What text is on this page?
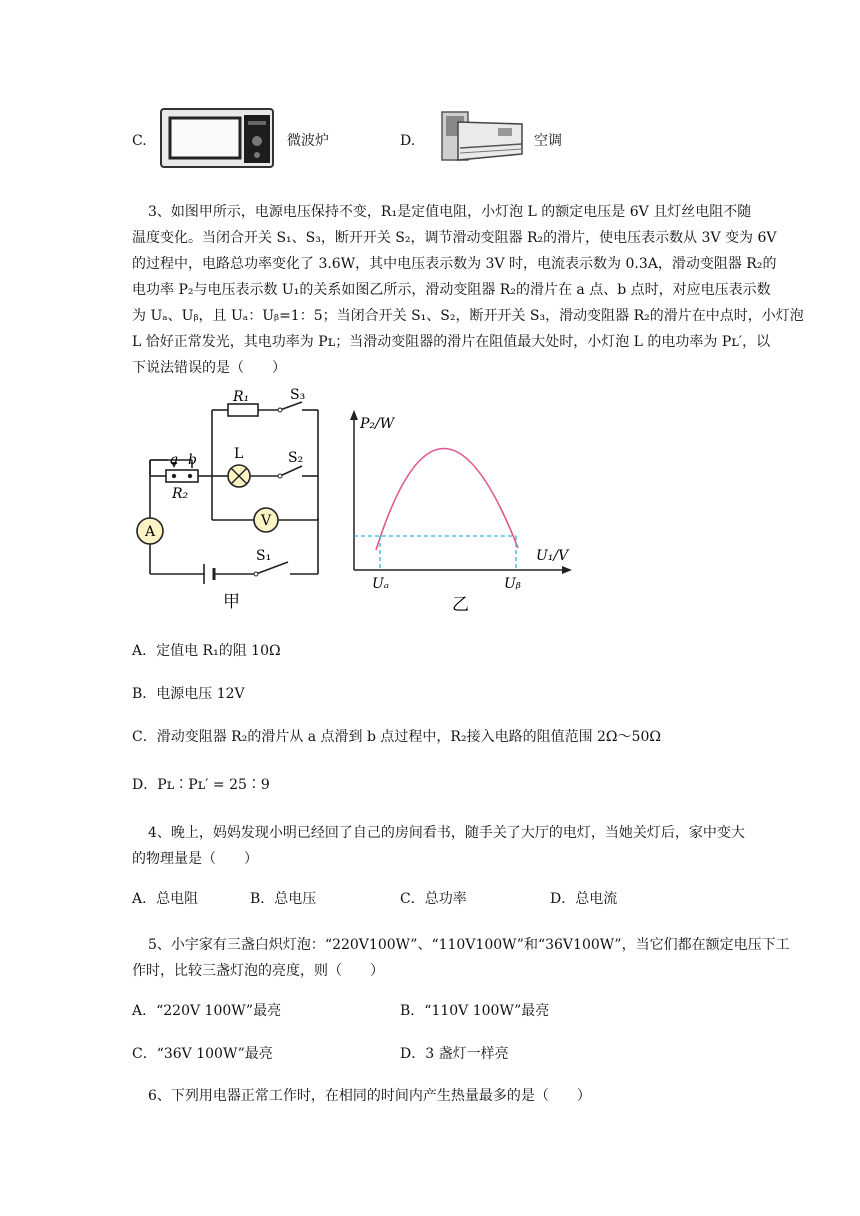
C.	微波炉	D.	空调
3、如图甲所示，电源电压保持不变，R₁是定值电阻，小灯泡 L 的额定电压是 6V 且灯丝电阻不随
温度变化。当闭合开关 S₁、S₃，断开开关 S₂，调节滑动变阻器 R₂的滑片，使电压表示数从 3V 变为 6V
的过程中，电路总功率变化了 3.6W，其中电压表示数为 3V 时，电流表示数为 0.3A，滑动变阻器 R₂的
电功率 P₂与电压表示数 U₁的关系如图乙所示，滑动变阻器 R₂的滑片在 a 点、b 点时，对应电压表示数
为 Uₐ、Uᵦ，且 Uₐ：Uᵦ=1：5；当闭合开关 S₁、S₂，断开开关 S₃，滑动变阻器 R₂的滑片在中点时，小灯泡
L 恰好正常发光，其电功率为 Pʟ；当滑动变阻器的滑片在阻值最大处时，小灯泡 L 的电功率为 Pʟ′，以
下说法错误的是（　　）
R₁	S₃
L	S₂
a b
R₂
A
V
S₁
甲
P₂/W
U₁/V
Uₐ	Uᵦ
乙
A．定值电 R₁的阻 10Ω
B．电源电压 12V
C．滑动变阻器 R₂的滑片从 a 点滑到 b 点过程中，R₂接入电路的阻值范围 2Ω～50Ω
D．Pʟ∶Pʟ′ = 25∶9
4、晚上，妈妈发现小明已经回了自己的房间看书，随手关了大厅的电灯，当她关灯后，家中变大
的物理量是（　　）
A．总电阻	B．总电压	C．总功率	D．总电流
5、小宇家有三盏白炽灯泡：“220V100W”、“110V100W”和“36V100W”，当它们都在额定电压下工
作时，比较三盏灯泡的亮度，则（　　）
A．“220V 100W”最亮	B．“110V 100W”最亮
C．“36V 100W”最亮	D．3 盏灯一样亮
6、下列用电器正常工作时，在相同的时间内产生热量最多的是（　　）
